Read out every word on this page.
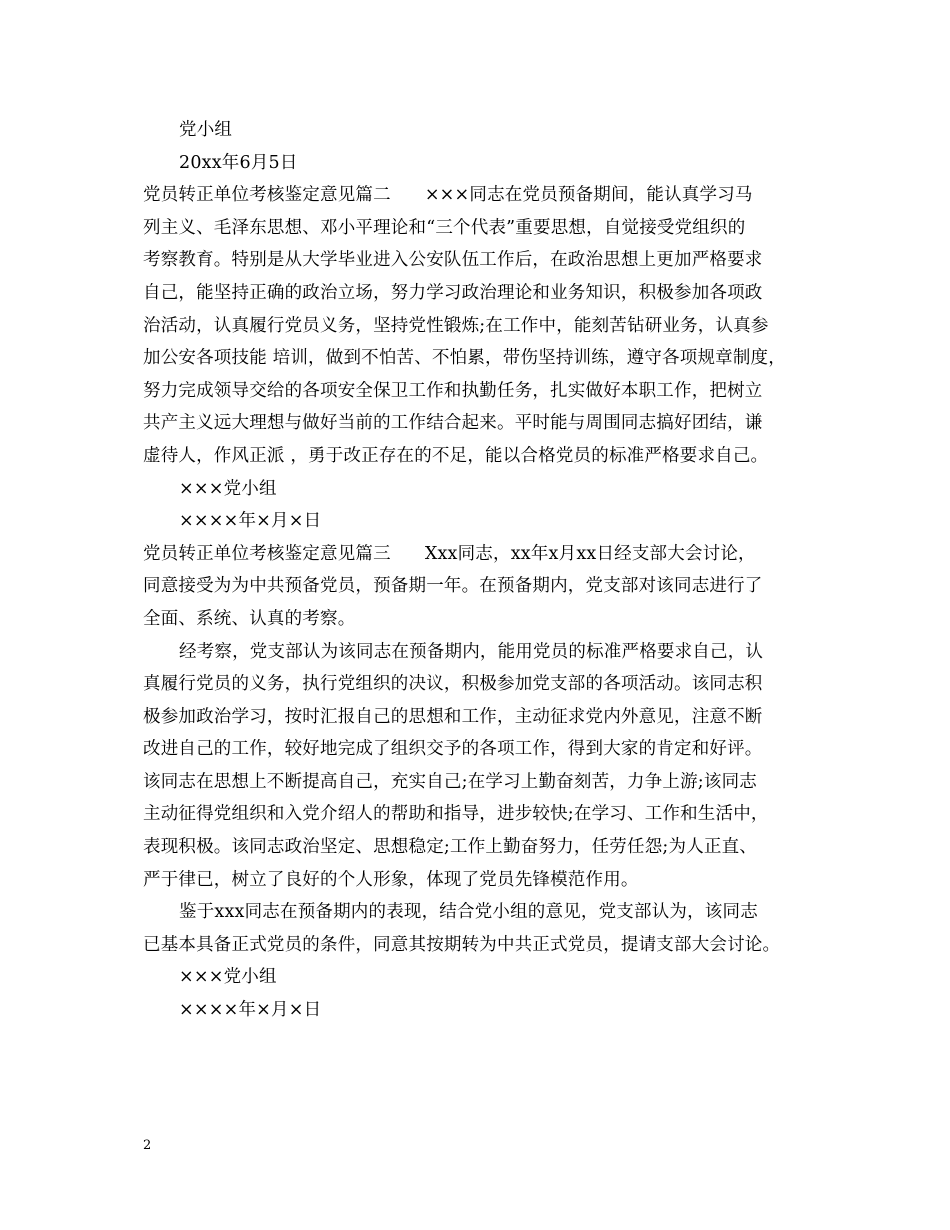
党小组
20xx年6月5日
党员转正单位考核鉴定意见篇二 ×××同志在党员预备期间，能认真学习马
列主义、毛泽东思想、邓小平理论和“三个代表”重要思想，自觉接受党组织的
考察教育。特别是从大学毕业进入公安队伍工作后，在政治思想上更加严格要求
自己，能坚持正确的政治立场，努力学习政治理论和业务知识，积极参加各项政
治活动，认真履行党员义务，坚持党性锻炼;在工作中，能刻苦钻研业务，认真参
加公安各项技能 培训，做到不怕苦、不怕累，带伤坚持训练，遵守各项规章制度，
努力完成领导交给的各项安全保卫工作和执勤任务，扎实做好本职工作，把树立
共产主义远大理想与做好当前的工作结合起来。平时能与周围同志搞好团结，谦
虚待人，作风正派 ，勇于改正存在的不足，能以合格党员的标准严格要求自己。
×××党小组
××××年×月×日
党员转正单位考核鉴定意见篇三 Xxx同志，xx年x月xx日经支部大会讨论，
同意接受为为中共预备党员，预备期一年。在预备期内，党支部对该同志进行了
全面、系统、认真的考察。
经考察，党支部认为该同志在预备期内，能用党员的标准严格要求自己，认
真履行党员的义务，执行党组织的决议，积极参加党支部的各项活动。该同志积
极参加政治学习，按时汇报自己的思想和工作，主动征求党内外意见，注意不断
改进自己的工作，较好地完成了组织交予的各项工作，得到大家的肯定和好评。
该同志在思想上不断提高自己，充实自己;在学习上勤奋刻苦，力争上游;该同志
主动征得党组织和入党介绍人的帮助和指导，进步较快;在学习、工作和生活中，
表现积极。该同志政治坚定、思想稳定;工作上勤奋努力，任劳任怨;为人正直、
严于律已，树立了良好的个人形象，体现了党员先锋模范作用。
鉴于xxx同志在预备期内的表现，结合党小组的意见，党支部认为，该同志
已基本具备正式党员的条件，同意其按期转为中共正式党员，提请支部大会讨论。
×××党小组
××××年×月×日
2
